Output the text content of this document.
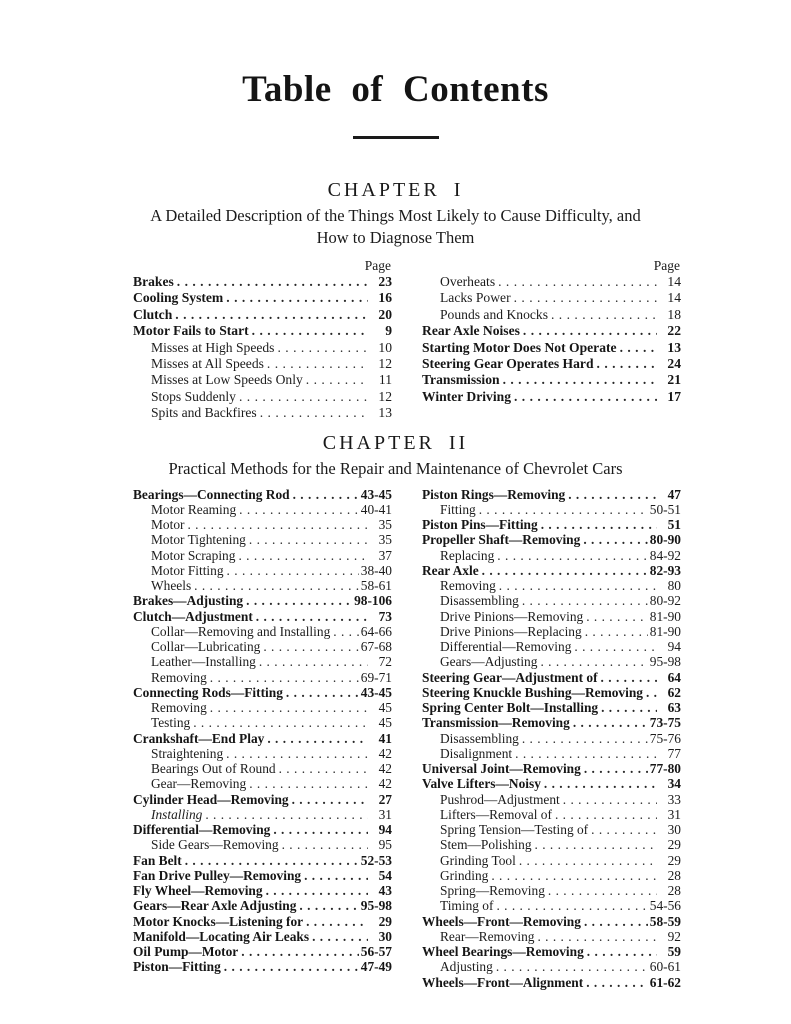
Table of Contents
CHAPTER I
A Detailed Description of the Things Most Likely to Cause Difficulty, and
How to Diagnose Them
Page
Brakes . . .	23
Cooling System . . .	16
Clutch . . .	20
Motor Fails to Start . . .	9
Misses at High Speeds . . .	10
Misses at All Speeds . . .	12
Misses at Low Speeds Only . . .	11
Stops Suddenly . . .	12
Spits and Backfires . . .	13
Page
Overheats . . .	14
Lacks Power . . .	14
Pounds and Knocks . . .	18
Rear Axle Noises . . .	22
Starting Motor Does Not Operate . . .	13
Steering Gear Operates Hard . . .	24
Transmission . . .	21
Winter Driving . . .	17
CHAPTER II
Practical Methods for the Repair and Maintenance of Chevrolet Cars
Bearings—Connecting Rod . . .	43-45
Motor Reaming . . .	40-41
Motor . . .	35
Motor Tightening . . .	35
Motor Scraping . . .	37
Motor Fitting . . .	38-40
Wheels . . .	58-61
Brakes—Adjusting . . .	98-106
Clutch—Adjustment . . .	73
Collar—Removing and Installing . . . 64-66
Collar—Lubricating . . .	67-68
Leather—Installing . . .	72
Removing . . .	69-71
Connecting Rods—Fitting . . .	43-45
Removing . . .	45
Testing . . .	45
Crankshaft—End Play . . .	41
Straightening . . .	42
Bearings Out of Round . . .	42
Gear—Removing . . .	42
Cylinder Head—Removing . . .	27
Installing . . .	31
Differential—Removing . . .	94
Side Gears—Removing . . .	95
Fan Belt . . .	52-53
Fan Drive Pulley—Removing . . .	54
Fly Wheel—Removing . . .	43
Gears—Rear Axle Adjusting . . .	95-98
Motor Knocks—Listening for . . .	29
Manifold—Locating Air Leaks . . .	30
Oil Pump—Motor . . .	56-57
Piston—Fitting . . .	47-49
Piston Rings—Removing . . .	47
Fitting . . .	50-51
Piston Pins—Fitting . . .	51
Propeller Shaft—Removing . . .	80-90
Replacing . . .	84-92
Rear Axle . . .	82-93
Removing . . .	80
Disassembling . . .	80-92
Drive Pinions—Removing . . .	81-90
Drive Pinions—Replacing . . .	81-90
Differential—Removing . . .	94
Gears—Adjusting . . .	95-98
Steering Gear—Adjustment of . . .	64
Steering Knuckle Bushing—Removing . . .	62
Spring Center Bolt—Installing . . .	63
Transmission—Removing . . .	73-75
Disassembling . . .	75-76
Disalignment . . .	77
Universal Joint—Removing . . .	77-80
Valve Lifters—Noisy . . .	34
Pushrod—Adjustment . . .	33
Lifters—Removal of . . .	31
Spring Tension—Testing of . . .	30
Stem—Polishing . . .	29
Grinding Tool . . .	29
Grinding . . .	28
Spring—Removing . . .	28
Timing of . . .	54-56
Wheels—Front—Removing . . .	58-59
Rear—Removing . . .	92
Wheel Bearings—Removing . . .	59
Adjusting . . .	60-61
Wheels—Front—Alignment . . .	61-62
